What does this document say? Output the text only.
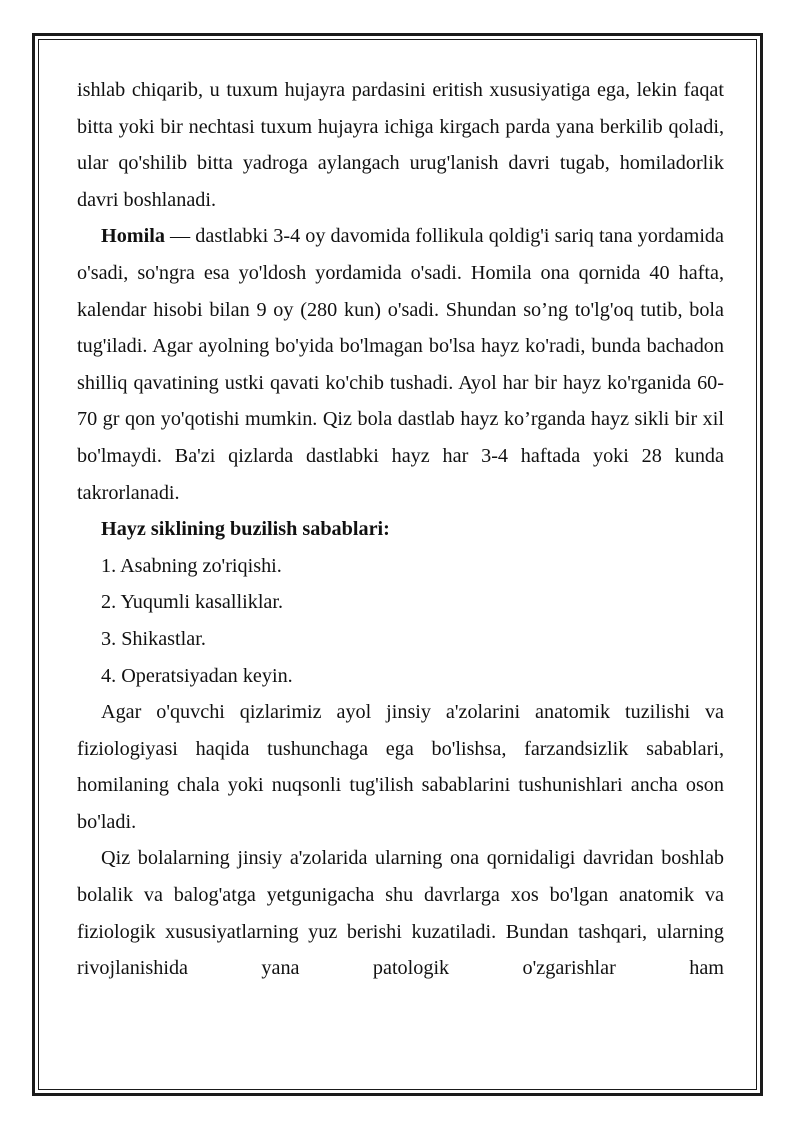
ishlab chiqarib, u tuxum hujayra pardasini eritish xususiyatiga ega, lekin faqat bitta yoki bir nechtasi tuxum hujayra ichiga kirgach parda yana berkilib qoladi, ular qo'shilib bitta yadroga aylangach urug'lanish davri tugab, homiladorlik davri boshlanadi.

Homila — dastlabki 3-4 oy davomida follikula qoldig'i sariq tana yordamida o'sadi, so'ngra esa yo'ldosh yordamida o'sadi. Homila ona qornida 40 hafta, kalendar hisobi bilan 9 oy (280 kun) o'sadi. Shundan so’ng to'lg'oq tutib, bola tug'iladi. Agar ayolning bo'yida bo'lmagan bo'lsa hayz ko'radi, bunda bachadon shilliq qavatining ustki qavati ko'chib tushadi. Ayol har bir hayz ko'rganida 60-70 gr qon yo'qotishi mumkin. Qiz bola dastlab hayz ko’rganda hayz sikli bir xil bo'lmaydi. Ba'zi qizlarda dastlabki hayz har 3-4 haftada yoki 28 kunda takrorlanadi.

Hayz siklining buzilish sabablari:

1. Asabning zo'riqishi.

2. Yuqumli kasalliklar.

3. Shikastlar.

4. Operatsiyadan keyin.

Agar o'quvchi qizlarimiz ayol jinsiy a'zolarini anatomik tuzilishi va fiziologiyasi haqida tushunchaga ega bo'lishsa, farzandsizlik sabablari, homilaning chala yoki nuqsonli tug'ilish sabablarini tushunishlari ancha oson bo'ladi.

Qiz bolalarning jinsiy a'zolarida ularning ona qornidaligi davridan boshlab bolalik va balog'atga yetgunigacha shu davrlarga xos bo'lgan anatomik va fiziologik xususiyatlarning yuz berishi kuzatiladi. Bundan tashqari, ularning rivojlanishida yana patologik o'zgarishlar ham
